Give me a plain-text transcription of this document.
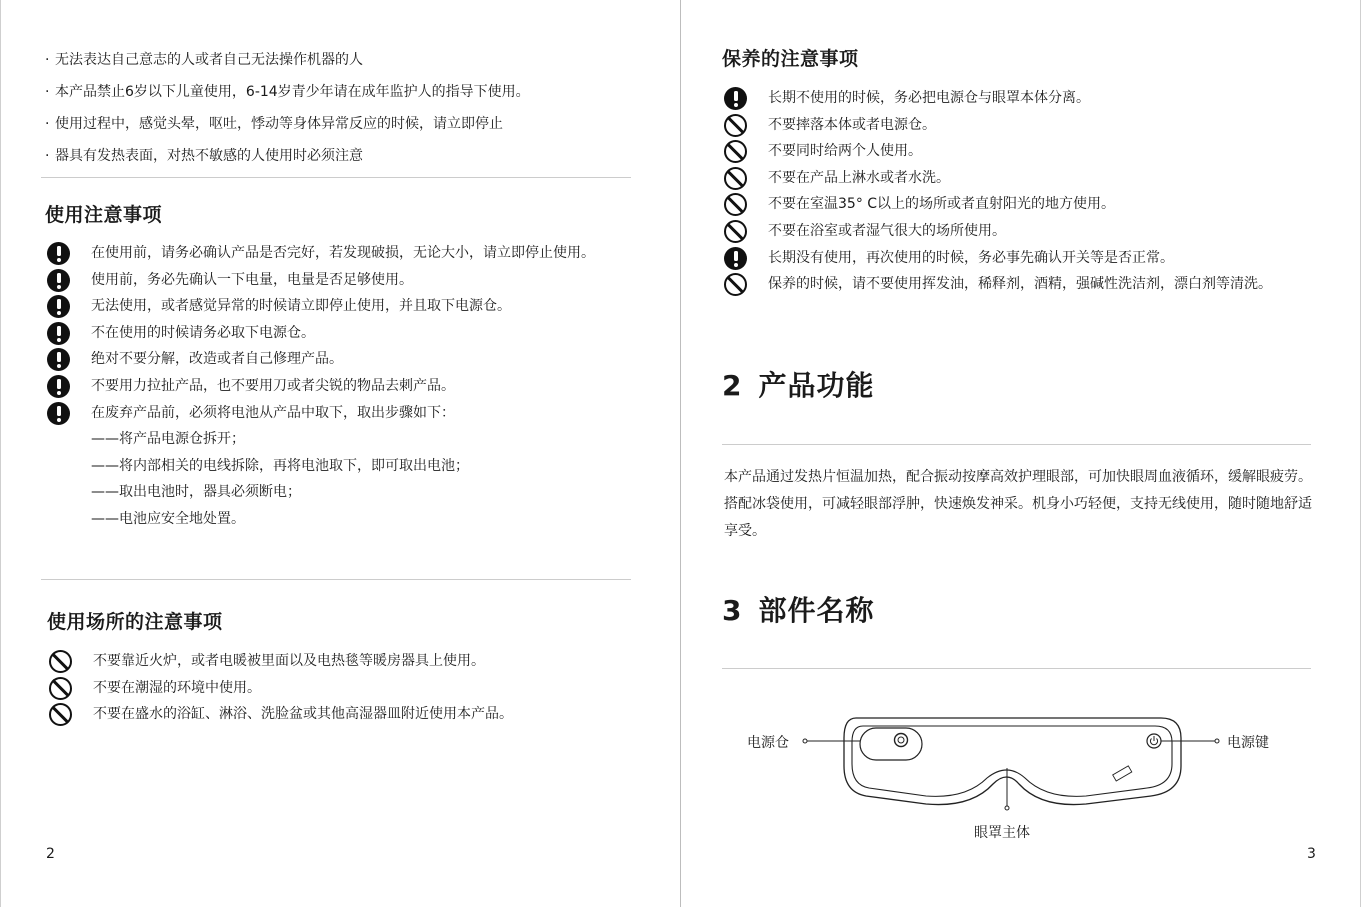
· 无法表达自己意志的人或者自己无法操作机器的人
· 本产品禁止6岁以下儿童使用，6-14岁青少年请在成年监护人的指导下使用。
· 使用过程中，感觉头晕，呕吐，悸动等身体异常反应的时候，请立即停止
· 器具有发热表面，对热不敏感的人使用时必须注意
使用注意事项
在使用前，请务必确认产品是否完好，若发现破损，无论大小，请立即停止使用。
使用前，务必先确认一下电量，电量是否足够使用。
无法使用，或者感觉异常的时候请立即停止使用，并且取下电源仓。
不在使用的时候请务必取下电源仓。
绝对不要分解，改造或者自己修理产品。
不要用力拉扯产品，也不要用刀或者尖锐的物品去刺产品。
在废弃产品前，必须将电池从产品中取下，取出步骤如下：
——将产品电源仓拆开；
——将内部相关的电线拆除，再将电池取下，即可取出电池；
——取出电池时，器具必须断电；
——电池应安全地处置。
使用场所的注意事项
不要靠近火炉，或者电暖被里面以及电热毯等暖房器具上使用。
不要在潮湿的环境中使用。
不要在盛水的浴缸、淋浴、洗脸盆或其他高湿器皿附近使用本产品。
2
保养的注意事项
长期不使用的时候，务必把电源仓与眼罩本体分离。
不要摔落本体或者电源仓。
不要同时给两个人使用。
不要在产品上淋水或者水洗。
不要在室温35° C以上的场所或者直射阳光的地方使用。
不要在浴室或者湿气很大的场所使用。
长期没有使用，再次使用的时候，务必事先确认开关等是否正常。
保养的时候，请不要使用挥发油，稀释剂，酒精，强碱性洗洁剂，漂白剂等清洗。
2 产品功能
本产品通过发热片恒温加热，配合振动按摩高效护理眼部，可加快眼周血液循环，缓解眼疲劳。搭配冰袋使用，可减轻眼部浮肿，快速焕发神采。机身小巧轻便，支持无线使用，随时随地舒适享受。
3 部件名称
电源仓	电源键
眼罩主体
3
